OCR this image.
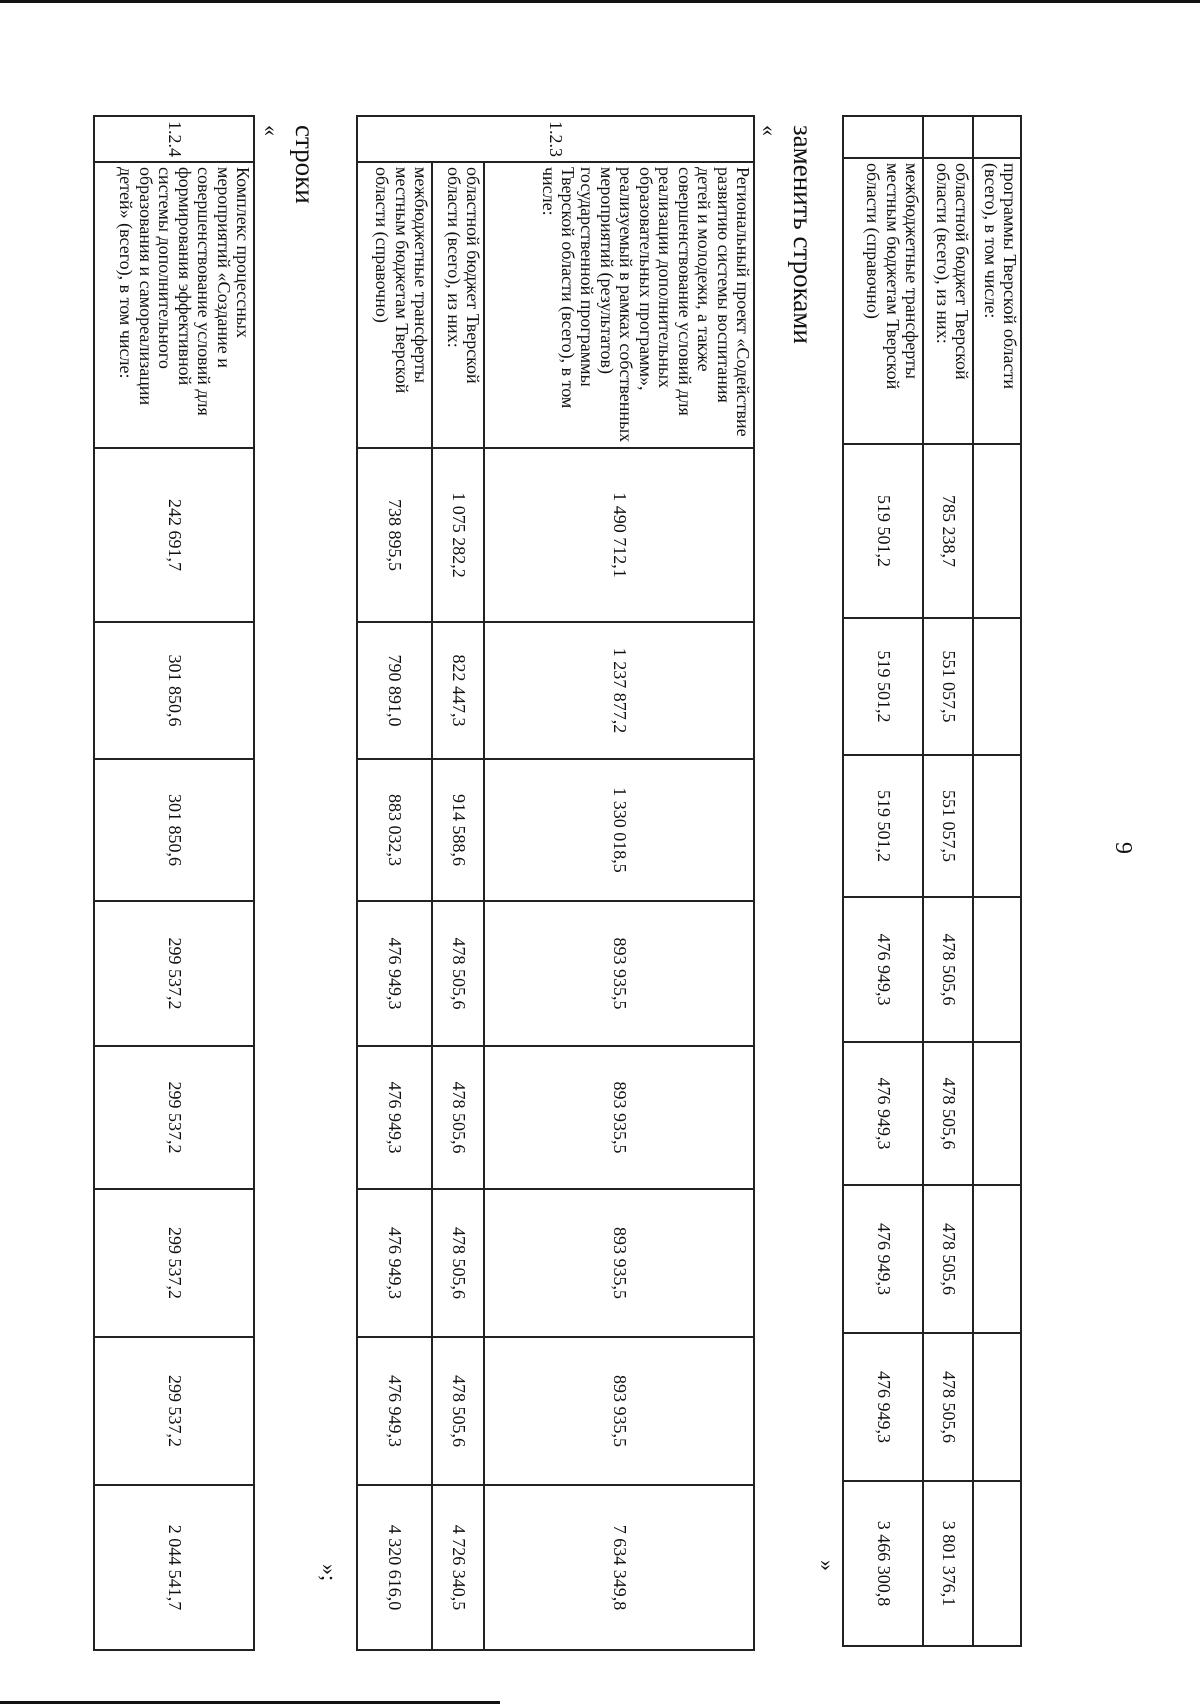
9
	программы Тверской области (всего), в том числе:								
	областной бюджет Тверской области (всего), из них:	785 238,7	551 057,5	551 057,5	478 505,6	478 505,6	478 505,6	478 505,6	3 801 376,1
	межбюджетные трансферты местным бюджетам Тверской области (справочно)	519 501,2	519 501,2	519 501,2	476 949,3	476 949,3	476 949,3	476 949,3	3 466 300,8
»
заменить строками
«
1.2.3	Региональный проект «Содействие развитию системы воспитания детей и молодежи, а также совершенствование условий для реализации дополнительных образовательных программ», реализуемый в рамках собственных мероприятий (результатов) государственной программы Тверской области (всего), в том числе:	1 490 712,1	1 237 877,2	1 330 018,5	893 935,5	893 935,5	893 935,5	893 935,5	7 634 349,8
	областной бюджет Тверской области (всего), из них:	1 075 282,2	822 447,3	914 588,6	478 505,6	478 505,6	478 505,6	478 505,6	4 726 340,5
	межбюджетные трансферты местным бюджетам Тверской области (справочно)	738 895,5	790 891,0	883 032,3	476 949,3	476 949,3	476 949,3	476 949,3	4 320 616,0
»;
строки
«
1.2.4	Комплекс процессных мероприятий «Создание и совершенствование условий для формирования эффективной системы дополнительного образования и самореализации детей» (всего), в том числе:	242 691,7	301 850,6	301 850,6	299 537,2	299 537,2	299 537,2	299 537,2	2 044 541,7
